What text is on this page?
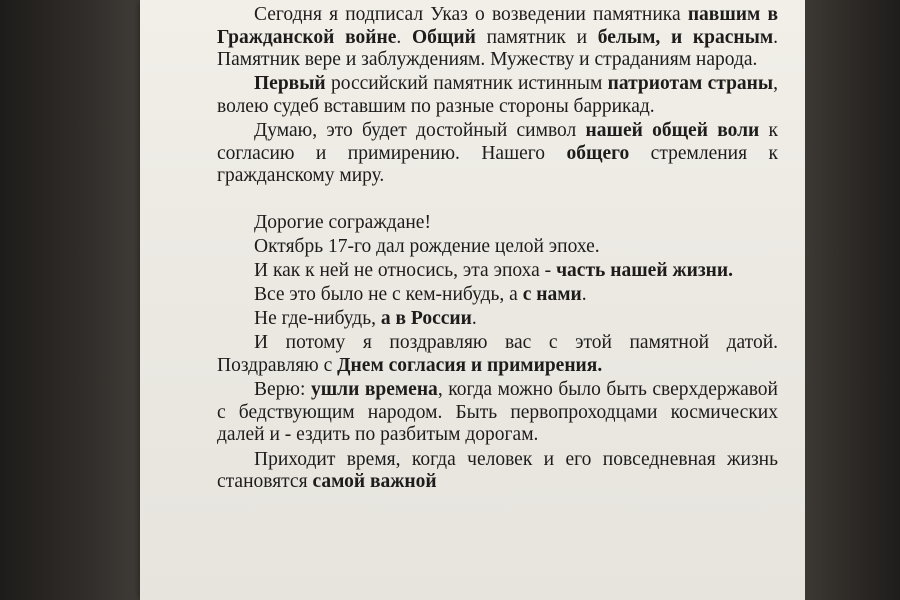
Сегодня я подписал Указ о возведении памятника павшим в Гражданской войне. Общий памятник и белым, и красным. Памятник вере и заблуждениям. Мужеству и страданиям народа.

Первый российский памятник истинным патриотам страны, волею судеб вставшим по разные стороны баррикад.

Думаю, это будет достойный символ нашей общей воли к согласию и примирению. Нашего общего стремления к гражданскому миру.

Дорогие сограждане!

Октябрь 17-го дал рождение целой эпохе.

И как к ней не относись, эта эпоха - часть нашей жизни.

Все это было не с кем-нибудь, а с нами.

Не где-нибудь, а в России.

И потому я поздравляю вас с этой памятной датой. Поздравляю с Днем согласия и примирения.

Верю: ушли времена, когда можно было быть сверхдержавой с бедствующим народом. Быть первопроходцами космических далей и - ездить по разбитым дорогам.

Приходит время, когда человек и его повседневная жизнь становятся самой важной
